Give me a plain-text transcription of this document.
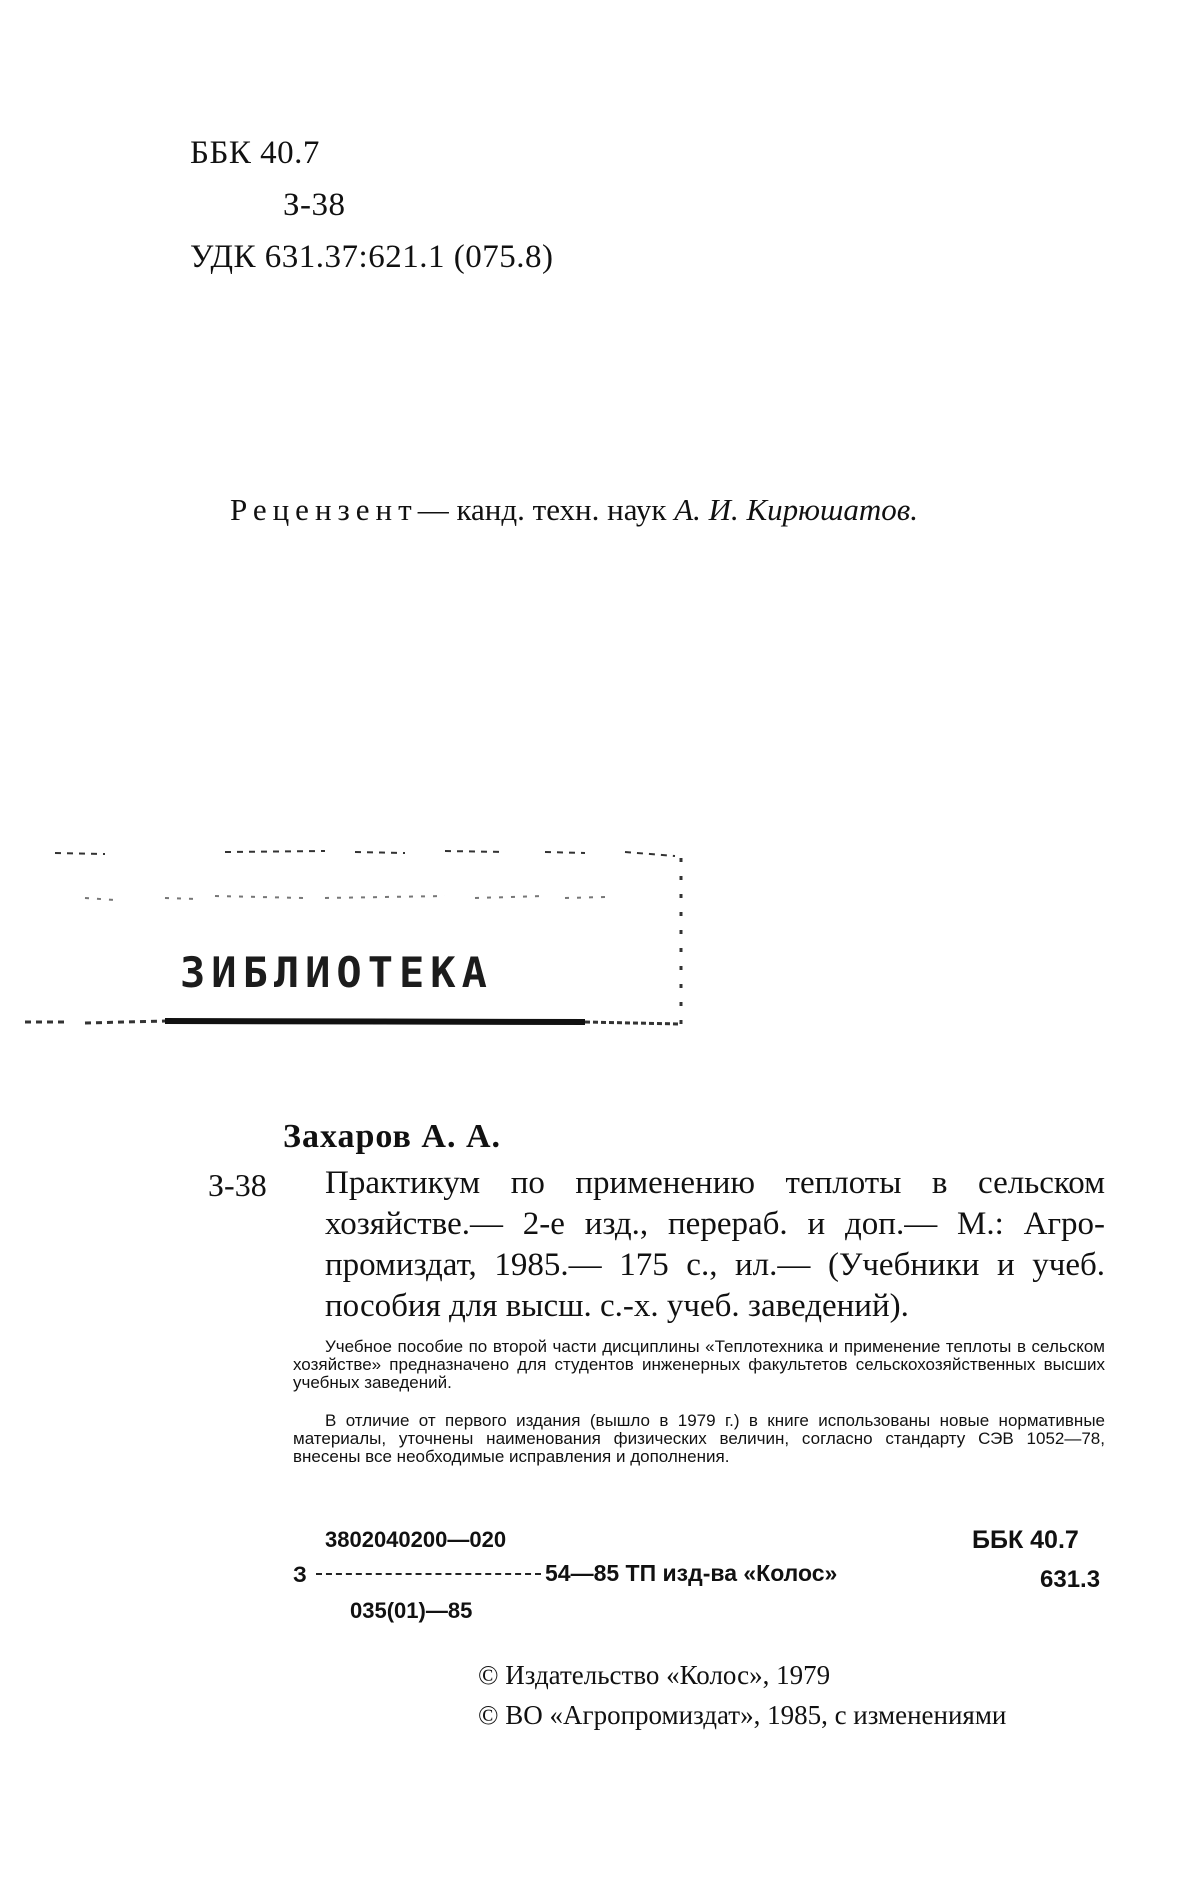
ББК 40.7
З-38
УДК 631.37:621.1 (075.8)
Рецензент— канд. техн. наук А. И. Кирюшатов.
ЗИБЛИОТЕКА
Захаров А. А.
З-38 Практикум по применению теплоты в сельском
хозяйстве.— 2-е изд., перераб. и доп.— М.: Агро-
промиздат, 1985.— 175 с., ил.— (Учебники и учеб.
пособия для высш. с.-х. учеб. заведений).
Учебное пособие по второй части дисциплины «Теплотехника и применение теплоты в сельском хозяйстве» предназначено для студентов инженерных факультетов сельскохозяйственных высших учебных заведений.
В отличие от первого издания (вышло в 1979 г.) в книге использованы новые нормативные материалы, уточнены наименования физических величин, согласно стандарту СЭВ 1052—78, внесены все необходимые исправления и дополнения.
3802040200—020
З	54—85 ТП изд-ва «Колос»
035(01)—85
ББК 40.7
631.3
© Издательство «Колос», 1979
© ВО «Агропромиздат», 1985, с изменениями
